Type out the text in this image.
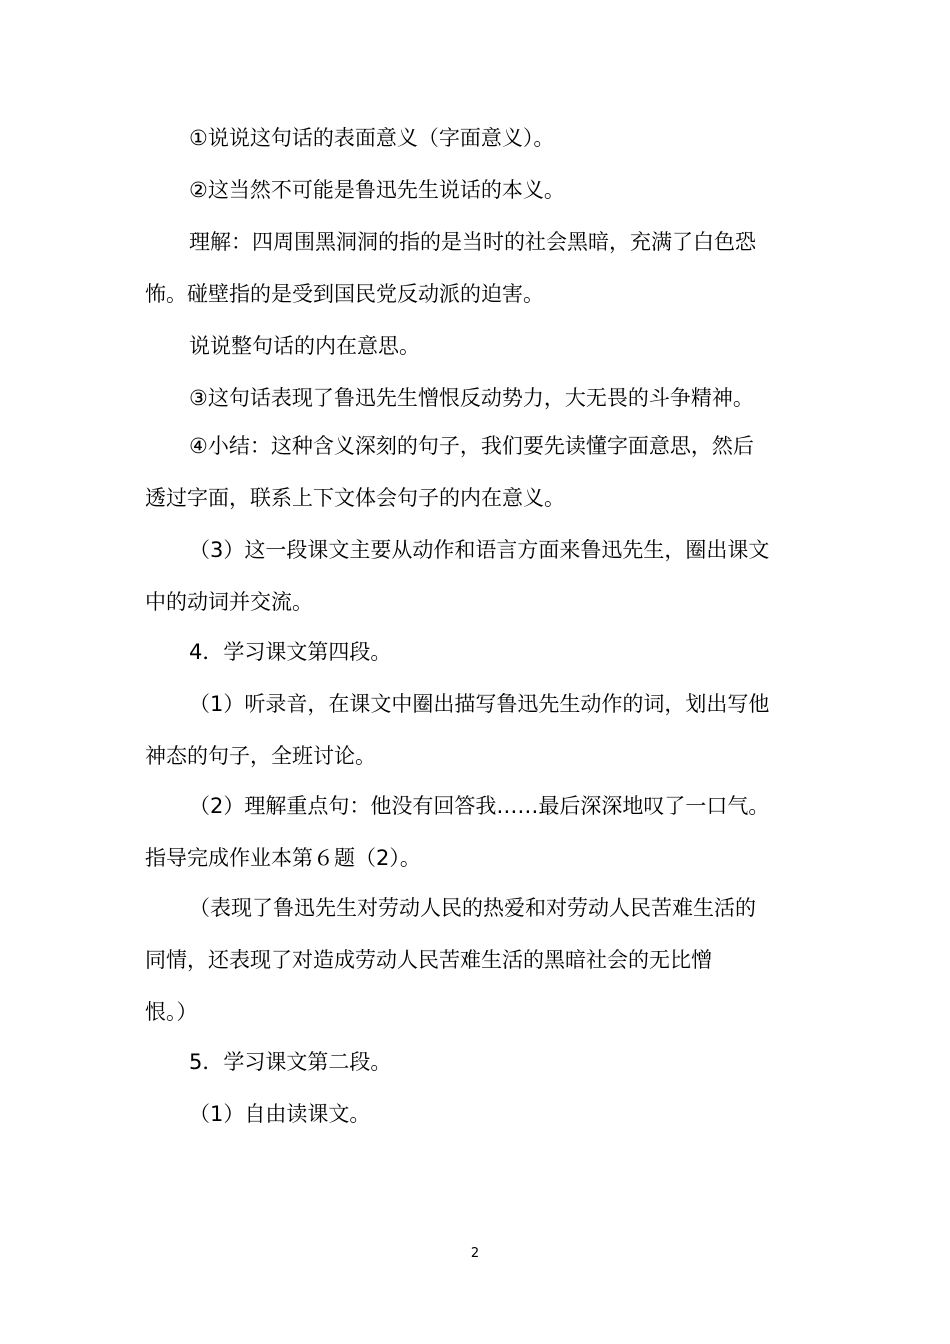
①说说这句话的表面意义（字面意义）。

②这当然不可能是鲁迅先生说话的本义。

理解：四周围黑洞洞的指的是当时的社会黑暗，充满了白色恐
怖。碰壁指的是受到国民党反动派的迫害。

说说整句话的内在意思。

③这句话表现了鲁迅先生憎恨反动势力，大无畏的斗争精神。

④小结：这种含义深刻的句子，我们要先读懂字面意思，然后
透过字面，联系上下文体会句子的内在意义。

（3）这一段课文主要从动作和语言方面来鲁迅先生，圈出课文
中的动词并交流。

4．学习课文第四段。

（1）听录音，在课文中圈出描写鲁迅先生动作的词，划出写他
神态的句子，全班讨论。

（2）理解重点句：他没有回答我……最后深深地叹了一口气。
指导完成作业本第６题（2）。

（表现了鲁迅先生对劳动人民的热爱和对劳动人民苦难生活的
同情，还表现了对造成劳动人民苦难生活的黑暗社会的无比憎
恨。）

5．学习课文第二段。

（1）自由读课文。

2
